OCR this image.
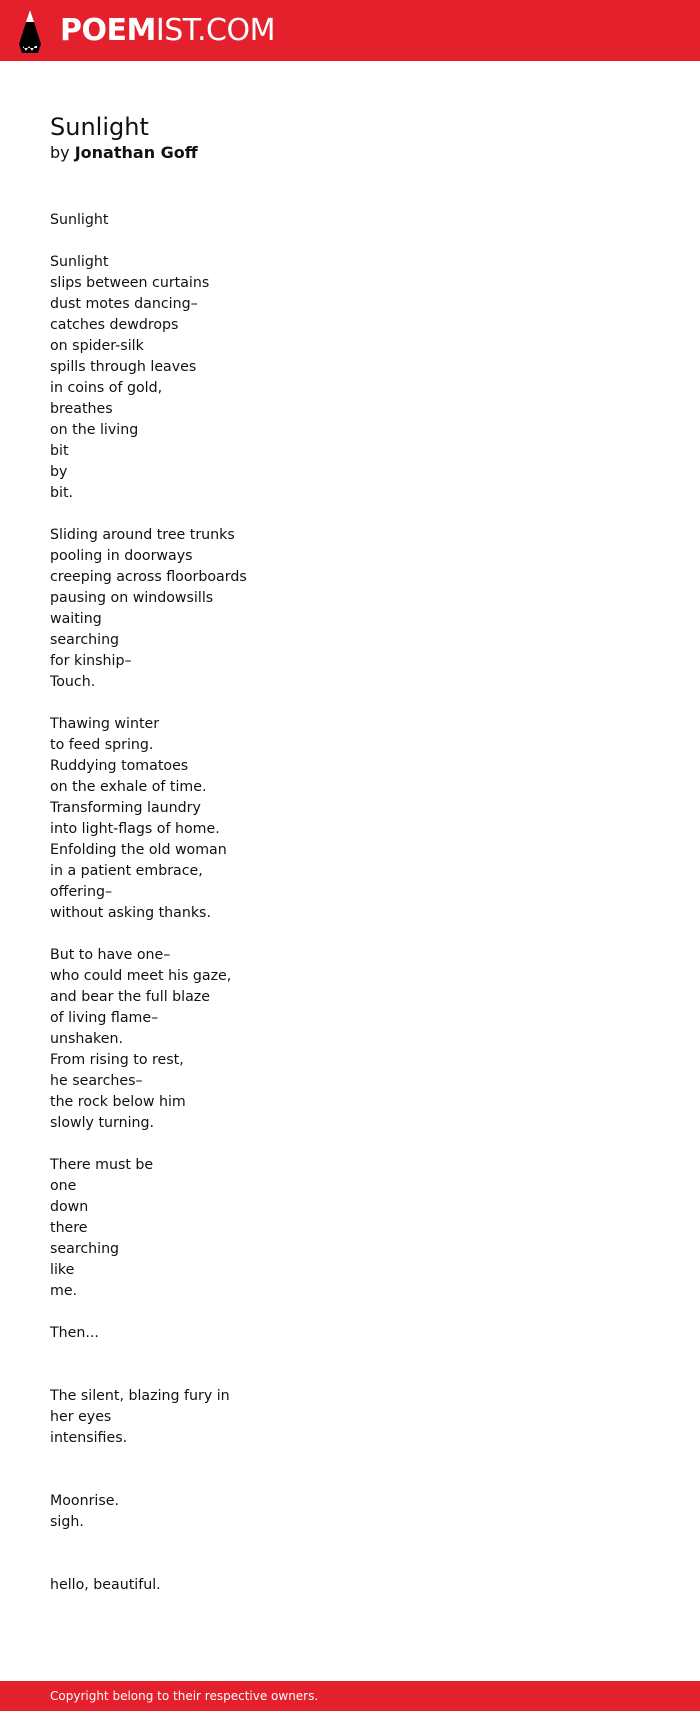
POEMIST.COM
Sunlight

by Jonathan Goff

Sunlight

Sunlight
slips between curtains
dust motes dancing–
catches dewdrops
on spider-silk
spills through leaves
in coins of gold,
breathes
on the living
bit
by
bit.

Sliding around tree trunks
pooling in doorways
creeping across floorboards
pausing on windowsills
waiting
searching
for kinship–
Touch.

Thawing winter
to feed spring.
Ruddying tomatoes
on the exhale of time.
Transforming laundry
into light-flags of home.
Enfolding the old woman
in a patient embrace,
offering–
without asking thanks.

But to have one–
who could meet his gaze,
and bear the full blaze
of living flame–
unshaken.
From rising to rest,
he searches–
the rock below him
slowly turning.

There must be
one
down
there
searching
like
me.

Then...

The silent, blazing fury in
her eyes
intensifies.

Moonrise.
sigh.

hello, beautiful.
Copyright belong to their respective owners.
